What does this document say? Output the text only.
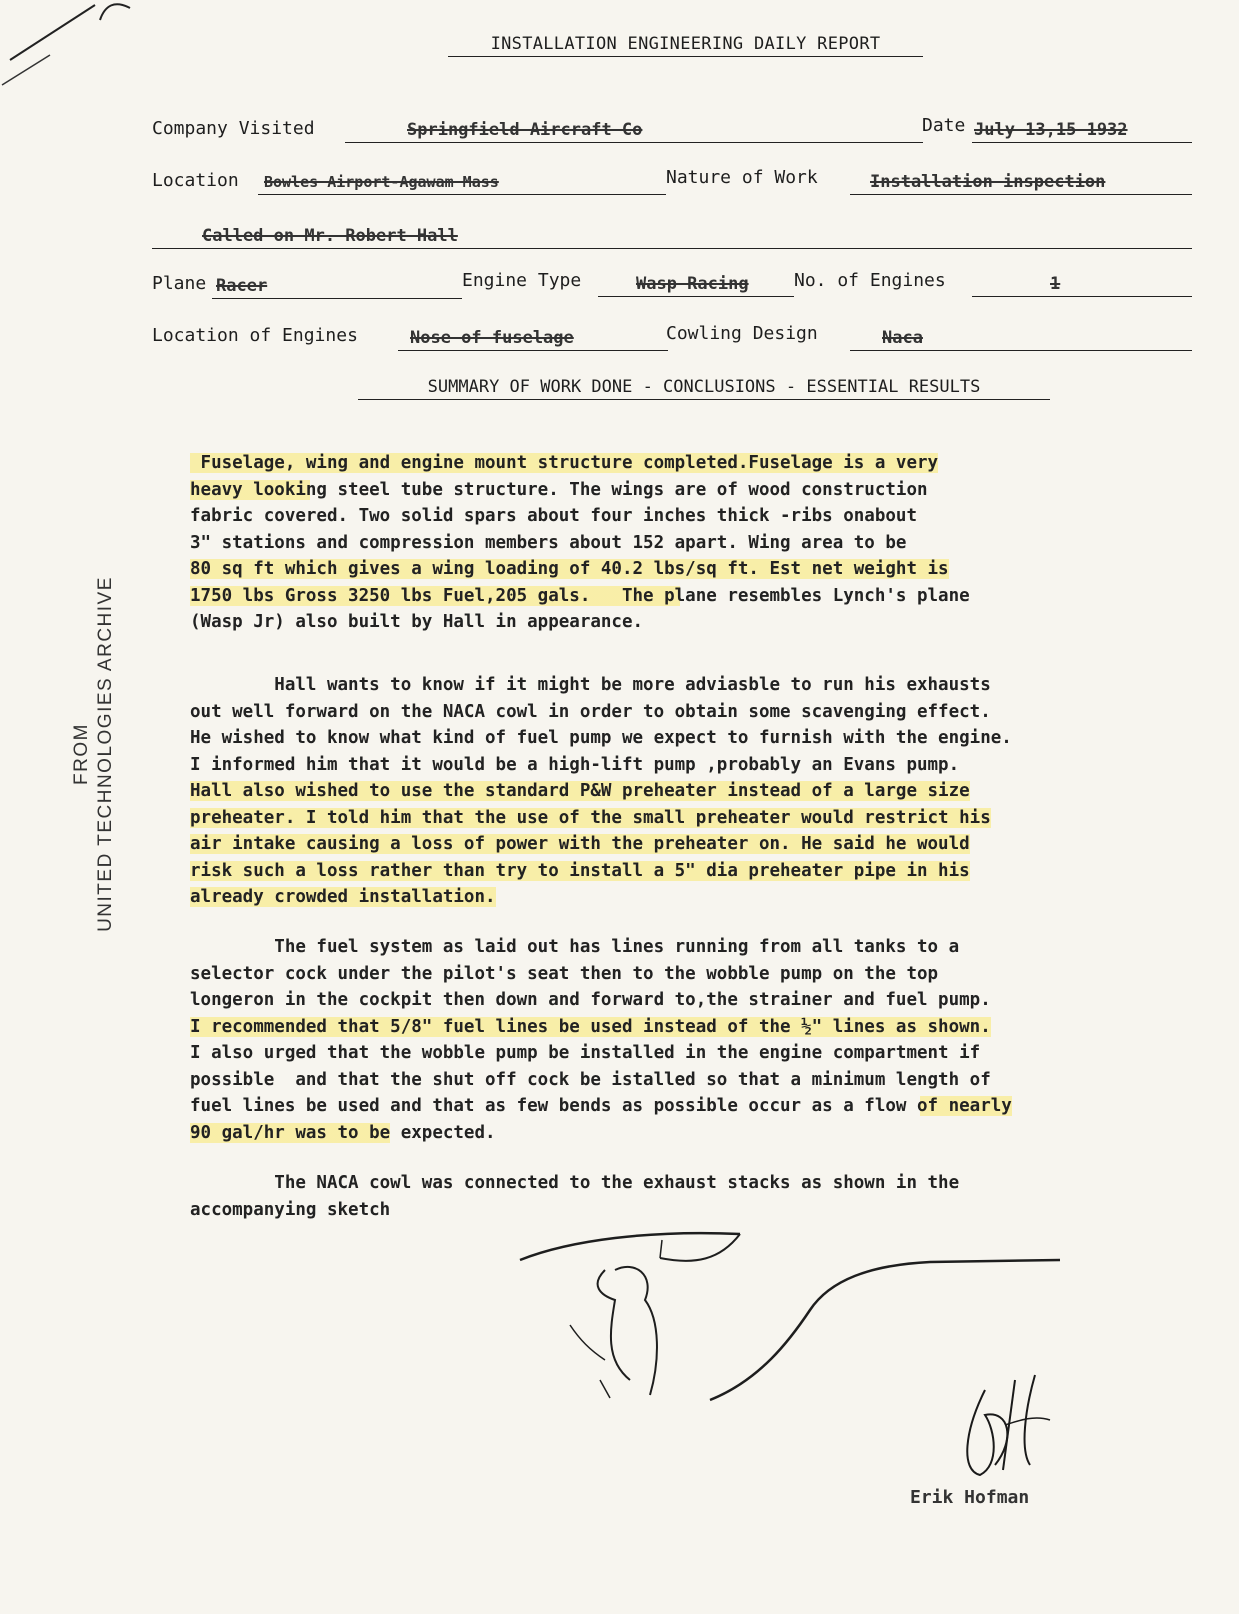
INSTALLATION ENGINEERING DAILY REPORT
Company Visited	Springfield Aircraft Co	Date July 13,15 1932
Location	Bowles Airport-Agawam Mass	Nature of Work	Installation inspection
Called on Mr. Robert Hall
Plane Racer	Engine Type	Wasp Racing	No. of Engines	1
Location of Engines	Nose of fuselage	Cowling Design	Naca
SUMMARY OF WORK DONE - CONCLUSIONS - ESSENTIAL RESULTS

Fuselage, wing and engine mount structure completed.Fuselage is a very

heavy looking steel tube structure. The wings are of wood construction

fabric covered. Two solid spars about four inches thick -ribs onabout

3" stations and compression members about 152 apart. Wing area to be

80 sq ft which gives a wing loading of 40.2 lbs/sq ft. Est net weight is

1750 lbs Gross 3250 lbs Fuel,205 gals.   The plane resembles Lynch's plane

(Wasp Jr) also built by Hall in appearance.

Hall wants to know if it might be more adviasble to run his exhausts

out well forward on the NACA cowl in order to obtain some scavenging effect.

He wished to know what kind of fuel pump we expect to furnish with the engine.

I informed him that it would be a high-lift pump ,probably an Evans pump.

Hall also wished to use the standard P&W preheater instead of a large size

preheater. I told him that the use of the small preheater would restrict his

air intake causing a loss of power with the preheater on. He said he would

risk such a loss rather than try to install a 5" dia preheater pipe in his

already crowded installation.

The fuel system as laid out has lines running from all tanks to a

selector cock under the pilot's seat then to the wobble pump on the top

longeron in the cockpit then down and forward to,the strainer and fuel pump.

I recommended that 5/8" fuel lines be used instead of the ½" lines as shown.

I also urged that the wobble pump be installed in the engine compartment if

possible  and that the shut off cock be istalled so that a minimum length of

fuel lines be used and that as few bends as possible occur as a flow of nearly

90 gal/hr was to be expected.

The NACA cowl was connected to the exhaust stacks as shown in the

accompanying sketch

FROM UNITED TECHNOLOGIES ARCHIVE
Erik Hofman
